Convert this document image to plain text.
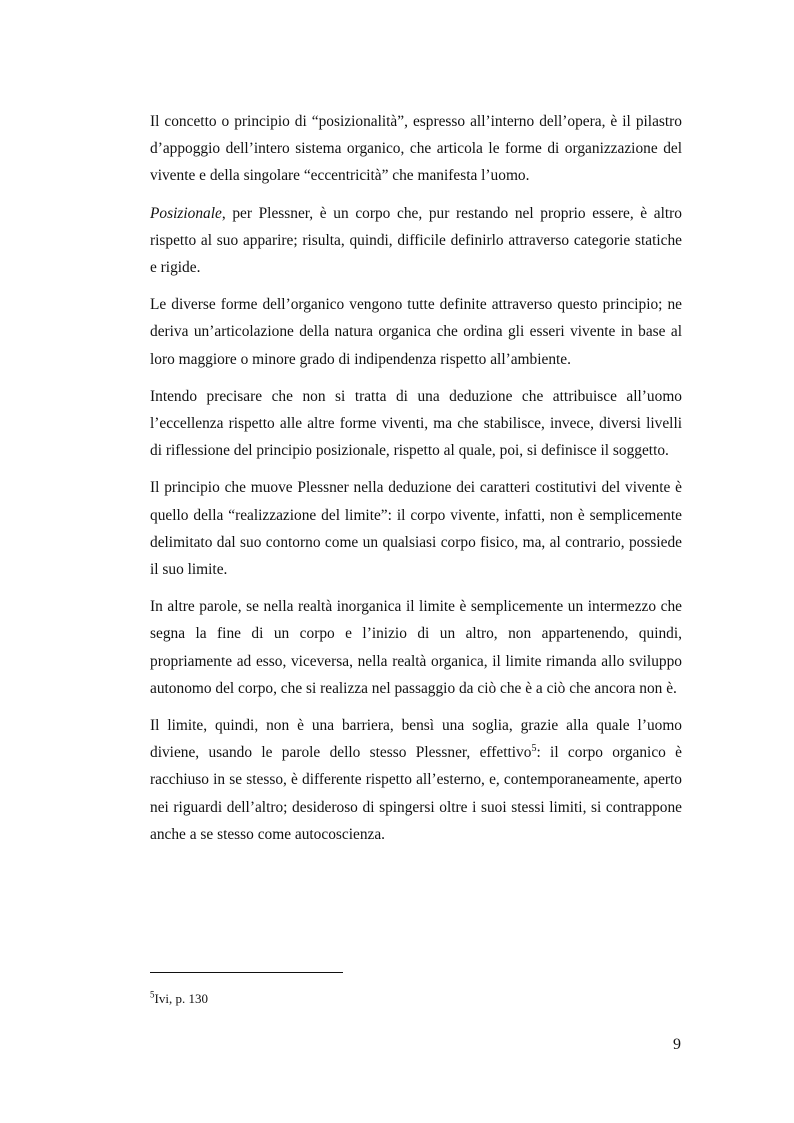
Il concetto o principio di “posizionalità”, espresso all’interno dell’opera, è il pilastro d’appoggio dell’intero sistema organico, che articola le forme di organizzazione del vivente e della singolare “eccentricità” che manifesta l’uomo.

Posizionale, per Plessner, è un corpo che, pur restando nel proprio essere, è altro rispetto al suo apparire; risulta, quindi, difficile definirlo attraverso categorie statiche e rigide.

Le diverse forme dell’organico vengono tutte definite attraverso questo principio; ne deriva un’articolazione della natura organica che ordina gli esseri vivente in base al loro maggiore o minore grado di indipendenza rispetto all’ambiente.

Intendo precisare che non si tratta di una deduzione che attribuisce all’uomo l’eccellenza rispetto alle altre forme viventi, ma che stabilisce, invece, diversi livelli di riflessione del principio posizionale, rispetto al quale, poi, si definisce il soggetto.

Il principio che muove Plessner nella deduzione dei caratteri costitutivi del vivente è quello della “realizzazione del limite”: il corpo vivente, infatti, non è semplicemente delimitato dal suo contorno come un qualsiasi corpo fisico, ma, al contrario, possiede il suo limite.

In altre parole, se nella realtà inorganica il limite è semplicemente un intermezzo che segna la fine di un corpo e l’inizio di un altro, non appartenendo, quindi, propriamente ad esso, viceversa, nella realtà organica, il limite rimanda allo sviluppo autonomo del corpo, che si realizza nel passaggio da ciò che è a ciò che ancora non è.

Il limite, quindi, non è una barriera, bensì una soglia, grazie alla quale l’uomo diviene, usando le parole dello stesso Plessner, effettivo$^5$: il corpo organico è racchiuso in se stesso, è differente rispetto all’esterno, e, contemporaneamente, aperto nei riguardi dell’altro; desideroso di spingersi oltre i suoi stessi limiti, si contrappone anche a se stesso come autocoscienza.

$^5$Ivi, p. 130
9
